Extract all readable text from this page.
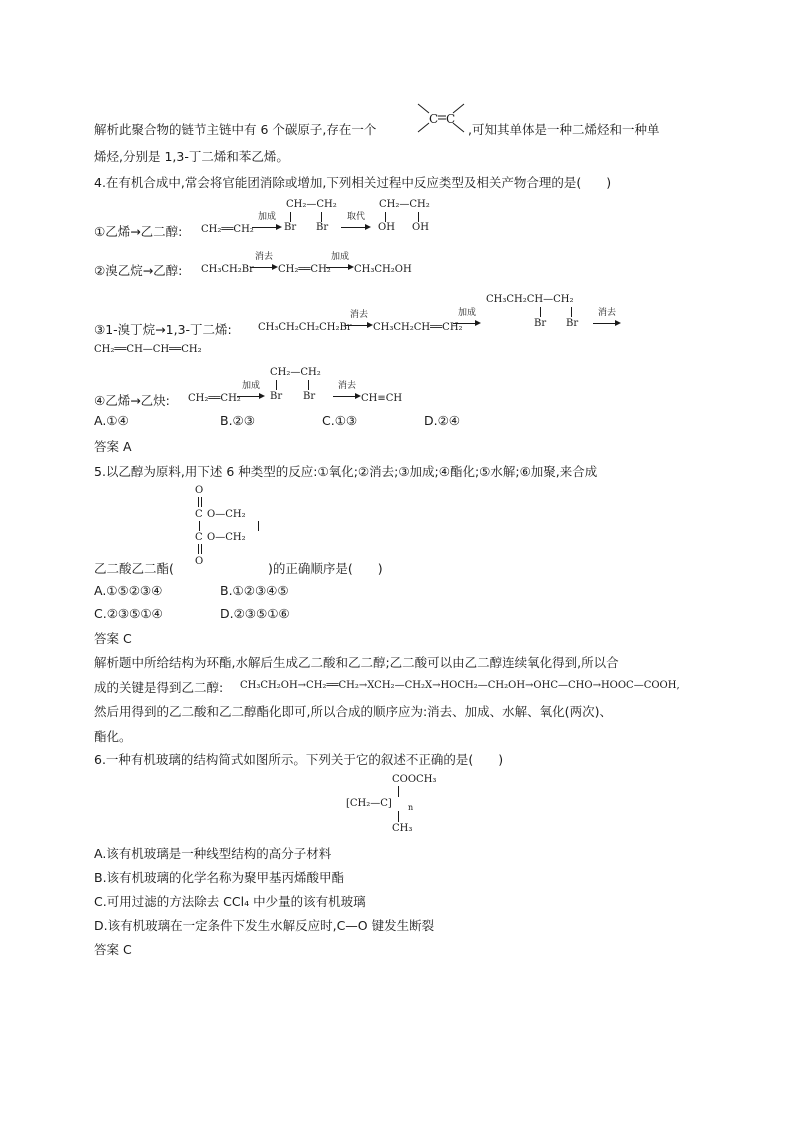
解析此聚合物的链节主链中有 6 个碳原子,存在一个
C C
,可知其单体是一种二烯烃和一种单
烯烃,分别是 1,3-丁二烯和苯乙烯。
4.在有机合成中,常会将官能团消除或增加,下列相关过程中反应类型及相关产物合理的是(　　)
①乙烯→乙二醇: CH₂══CH₂
加成
CH₂—CH₂
Br Br
取代
CH₂—CH₂
OH OH
②溴乙烷→乙醇: CH₃CH₂Br
消去
CH₂══CH₂
加成
CH₃CH₂OH
③1-溴丁烷→1,3-丁二烯:	CH₃CH₂CH₂CH₂Br
消去
CH₃CH₂CH══CH₂
加成
CH₃CH₂CH—CH₂
Br Br
消去
CH₂══CH—CH══CH₂
④乙烯→乙炔: CH₂══CH₂
加成
CH₂—CH₂
Br Br
消去
CH≡CH
A.①④	B.②③	C.①③	D.②④
答案 A
5.以乙醇为原料,用下述 6 种类型的反应:①氧化;②消去;③加成;④酯化;⑤水解;⑥加聚,来合成
O
C O—CH₂
C O—CH₂
O
乙二酸乙二酯(	)的正确顺序是(　　)
A.①⑤②③④	B.①②③④⑤
C.②③⑤①④	D.②③⑤①⑥
答案 C
解析题中所给结构为环酯,水解后生成乙二酸和乙二醇;乙二酸可以由乙二醇连续氧化得到,所以合
成的关键是得到乙二醇: CH₃CH₂OH→CH₂══CH₂→XCH₂—CH₂X→HOCH₂—CH₂OH→OHC—CHO→HOOC—COOH,
然后用得到的乙二酸和乙二醇酯化即可,所以合成的顺序应为:消去、加成、水解、氧化(两次)、
酯化。
6.一种有机玻璃的结构简式如图所示。下列关于它的叙述不正确的是(　　)
COOCH₃
[CH₂—C] n
CH₃
A.该有机玻璃是一种线型结构的高分子材料
B.该有机玻璃的化学名称为聚甲基丙烯酸甲酯
C.可用过滤的方法除去 CCl₄ 中少量的该有机玻璃
D.该有机玻璃在一定条件下发生水解反应时,C—O 键发生断裂
答案 C
